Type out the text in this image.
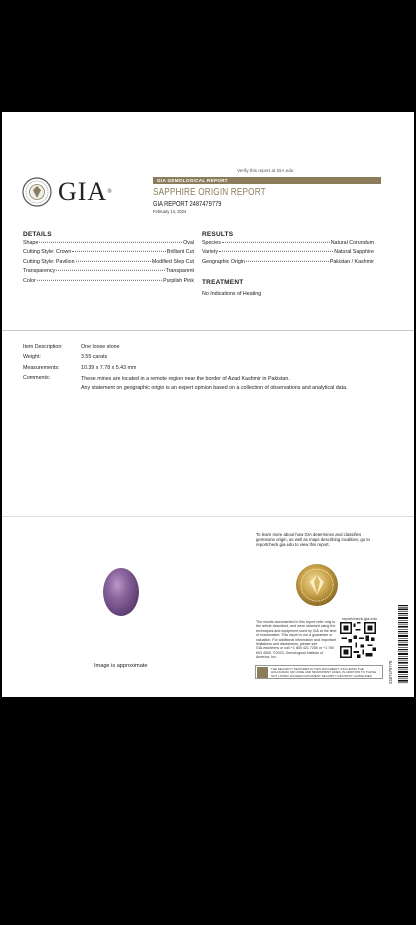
Verify this report at GIA.edu
GIA®
GIA GEMOLOGICAL REPORT
SAPPHIRE ORIGIN REPORT
GIA REPORT 2487479779
February 14, 2024
DETAILS
Shape	Oval
Cutting Style: Crown	Brilliant Cut
Cutting Style: Pavilion	Modified Step Cut
Transparency	Transparent
Color	Purplish Pink
RESULTS
Species	Natural Corundum
Variety	Natural Sapphire
Geographic Origin	Pakistan / Kashmir
TREATMENT
No Indications of Heating
Item Description:	One loose stone
Weight:	3.55 carats
Measurements:	10.39 x 7.78 x 5.43 mm
Comments:	These mines are located in a remote region near the border of Azad Kashmir in Pakistan.
Any statement on geographic origin is an expert opinion based on a collection of observations and analytical data.
Image is approximate
To learn more about how GIA determines and classifies gemstone origin, as well as maps describing localities, go to reportcheck.gia.edu to view this report.
reportcheck.gia.edu
The results documented in this report refer only to the article described, and were obtained using the techniques and equipment used by GIA at the time of examination. This report is not a guarantee or valuation. For additional information and important limitations and disclaimers, please see GIA.edu/terms or call +1 800 421 7250 or +1 760 603 4500. ©2023, Gemological Institute of America, Inc.
2487479779
THE SECURITY FEATURES IN THIS DOCUMENT, INCLUDING THE HOLOGRAM, QR CODE AND MICROPRINT LINES, IN ADDITION TO THOSE NOT LISTED, EXCEED DOCUMENT SECURITY INDUSTRY GUIDELINES.
